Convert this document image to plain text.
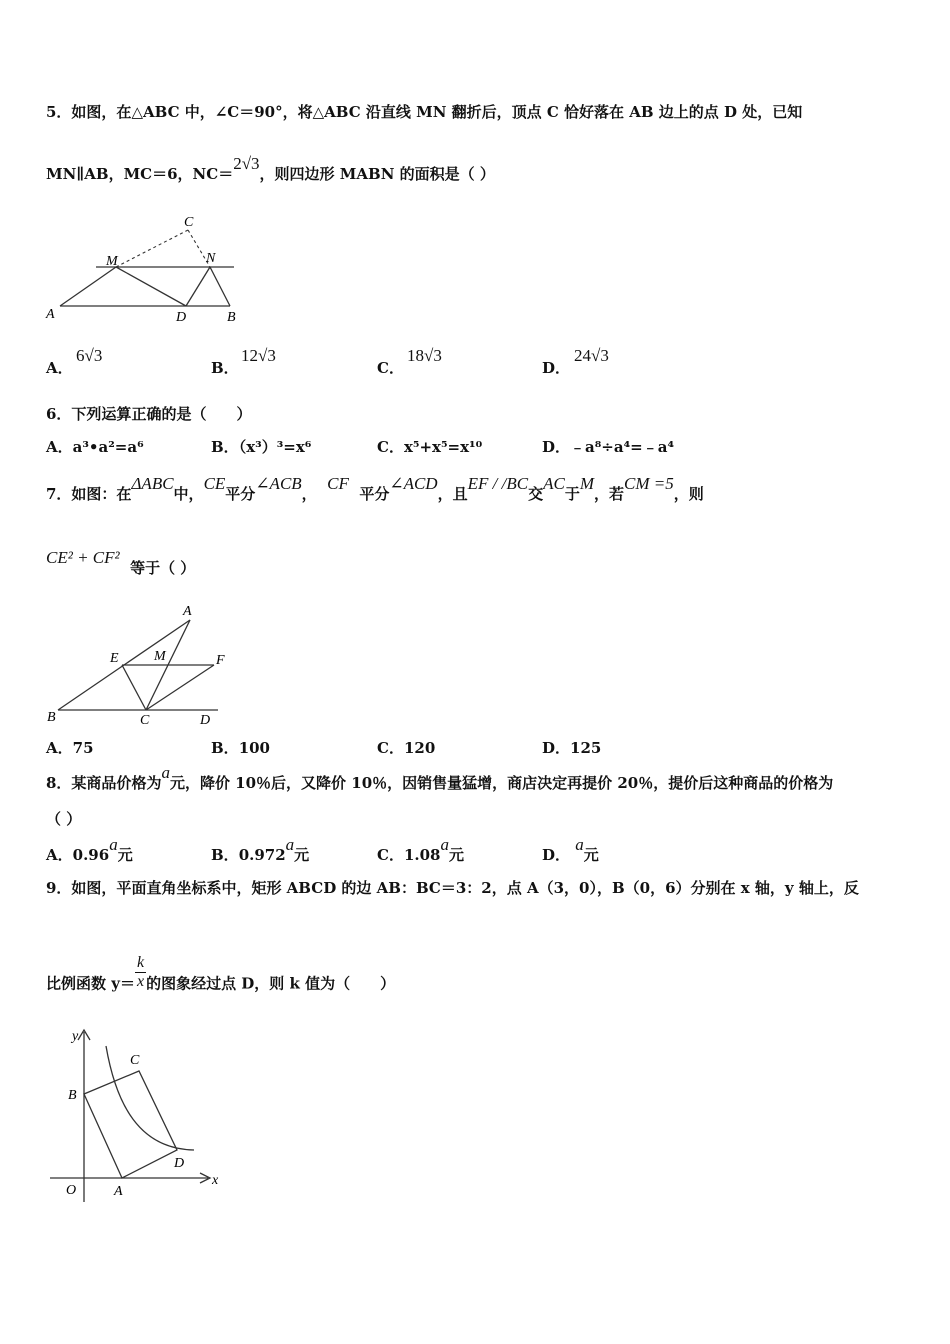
5．如图，在△ABC 中，∠C＝90°，将△ABC 沿直线 MN 翻折后，顶点 C 恰好落在 AB 边上的点 D 处，已知
MN∥AB，MC＝6，NC＝2√3，则四边形 MABN 的面积是（ ）
C
M	N
A	D	B
A．
6√3
B．
12√3
C．
18√3
D．
24√3
6．下列运算正确的是（　　）
A．a³•a²=a⁶	B．（x³）³=x⁶	C．x⁵+x⁵=x¹⁰	D．﹣a⁸÷a⁴=﹣a⁴
7．如图：在ΔABC中，CE平分∠ACB，  CF  平分∠ACD，且EF / /BC交AC于M，若CM =5，则
CE² + CF²  等于（ ）
A
E	M	F
B	C	D
A．75	B．100	C．120	D．125
8．某商品价格为a元，降价 10％后，又降价 10％，因销售量猛增，商店决定再提价 20％，提价后这种商品的价格为
（ ）
A．0.96a元	B．0.972a元	C．1.08a元	D． a元
9．如图，平面直角坐标系中，矩形 ABCD 的边 AB：BC＝3：2，点 A（3，0），B（0，6）分别在 x 轴，y 轴上，反
比例函数 $y= \frac{k}{x}$ 的图象经过点 D，则 k 值为（　　）
y
C
B
D
O	A
x
